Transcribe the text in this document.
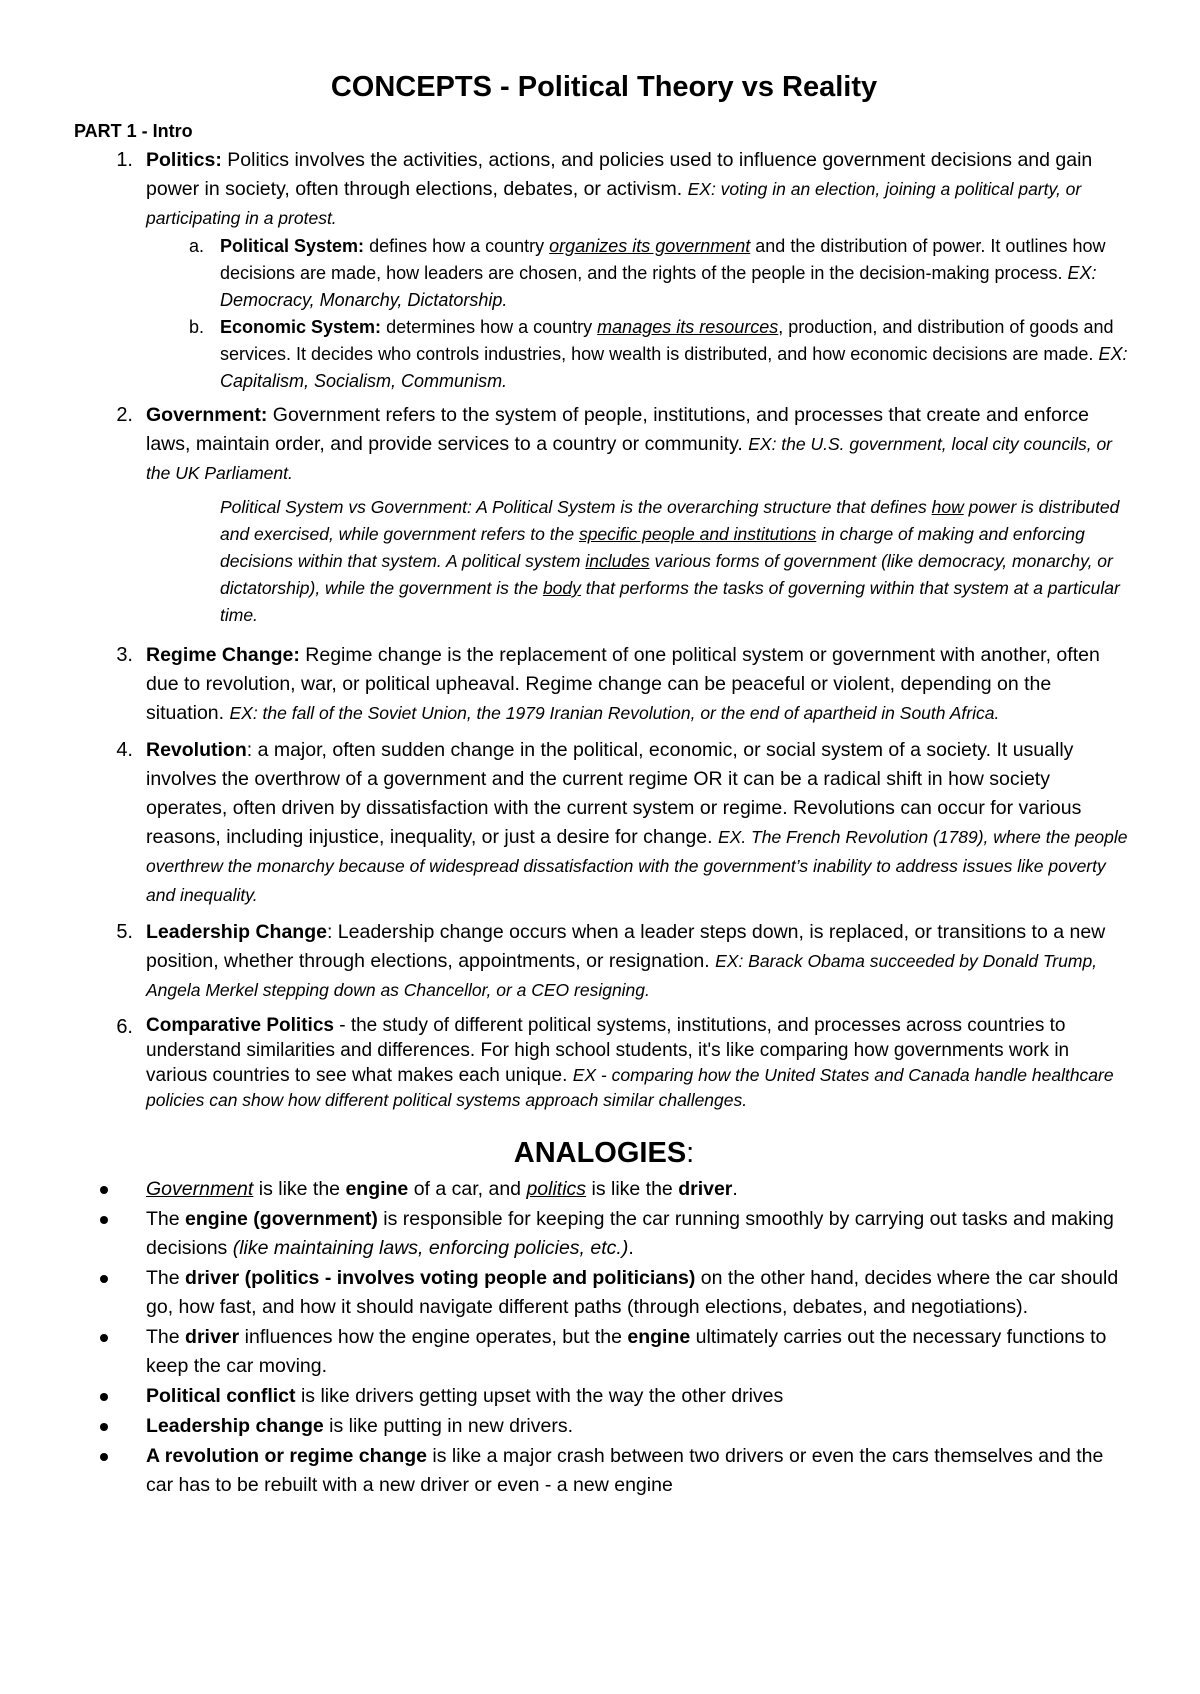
CONCEPTS - Political Theory vs Reality
PART 1 - Intro
1. Politics: Politics involves the activities, actions, and policies used to influence government decisions and gain power in society, often through elections, debates, or activism. EX: voting in an election, joining a political party, or participating in a protest.
a. Political System: defines how a country organizes its government and the distribution of power. It outlines how decisions are made, how leaders are chosen, and the rights of the people in the decision-making process. EX: Democracy, Monarchy, Dictatorship.
b. Economic System: determines how a country manages its resources, production, and distribution of goods and services. It decides who controls industries, how wealth is distributed, and how economic decisions are made. EX: Capitalism, Socialism, Communism.
2. Government: Government refers to the system of people, institutions, and processes that create and enforce laws, maintain order, and provide services to a country or community. EX: the U.S. government, local city councils, or the UK Parliament.
Political System vs Government: A Political System is the overarching structure that defines how power is distributed and exercised, while government refers to the specific people and institutions in charge of making and enforcing decisions within that system. A political system includes various forms of government (like democracy, monarchy, or dictatorship), while the government is the body that performs the tasks of governing within that system at a particular time.
3. Regime Change: Regime change is the replacement of one political system or government with another, often due to revolution, war, or political upheaval. Regime change can be peaceful or violent, depending on the situation. EX: the fall of the Soviet Union, the 1979 Iranian Revolution, or the end of apartheid in South Africa.
4. Revolution: a major, often sudden change in the political, economic, or social system of a society. It usually involves the overthrow of a government and the current regime OR it can be a radical shift in how society operates, often driven by dissatisfaction with the current system or regime. Revolutions can occur for various reasons, including injustice, inequality, or just a desire for change. EX. The French Revolution (1789), where the people overthrew the monarchy because of widespread dissatisfaction with the government’s inability to address issues like poverty and inequality.
5. Leadership Change: Leadership change occurs when a leader steps down, is replaced, or transitions to a new position, whether through elections, appointments, or resignation. EX: Barack Obama succeeded by Donald Trump, Angela Merkel stepping down as Chancellor, or a CEO resigning.
6. Comparative Politics - the study of different political systems, institutions, and processes across countries to understand similarities and differences. For high school students, it's like comparing how governments work in various countries to see what makes each unique. EX - comparing how the United States and Canada handle healthcare policies can show how different political systems approach similar challenges.
ANALOGIES:
Government is like the engine of a car, and politics is like the driver.
The engine (government) is responsible for keeping the car running smoothly by carrying out tasks and making decisions (like maintaining laws, enforcing policies, etc.).
The driver (politics - involves voting people and politicians) on the other hand, decides where the car should go, how fast, and how it should navigate different paths (through elections, debates, and negotiations).
The driver influences how the engine operates, but the engine ultimately carries out the necessary functions to keep the car moving.
Political conflict is like drivers getting upset with the way the other drives
Leadership change is like putting in new drivers.
A revolution or regime change is like a major crash between two drivers or even the cars themselves and the car has to be rebuilt with a new driver or even - a new engine
